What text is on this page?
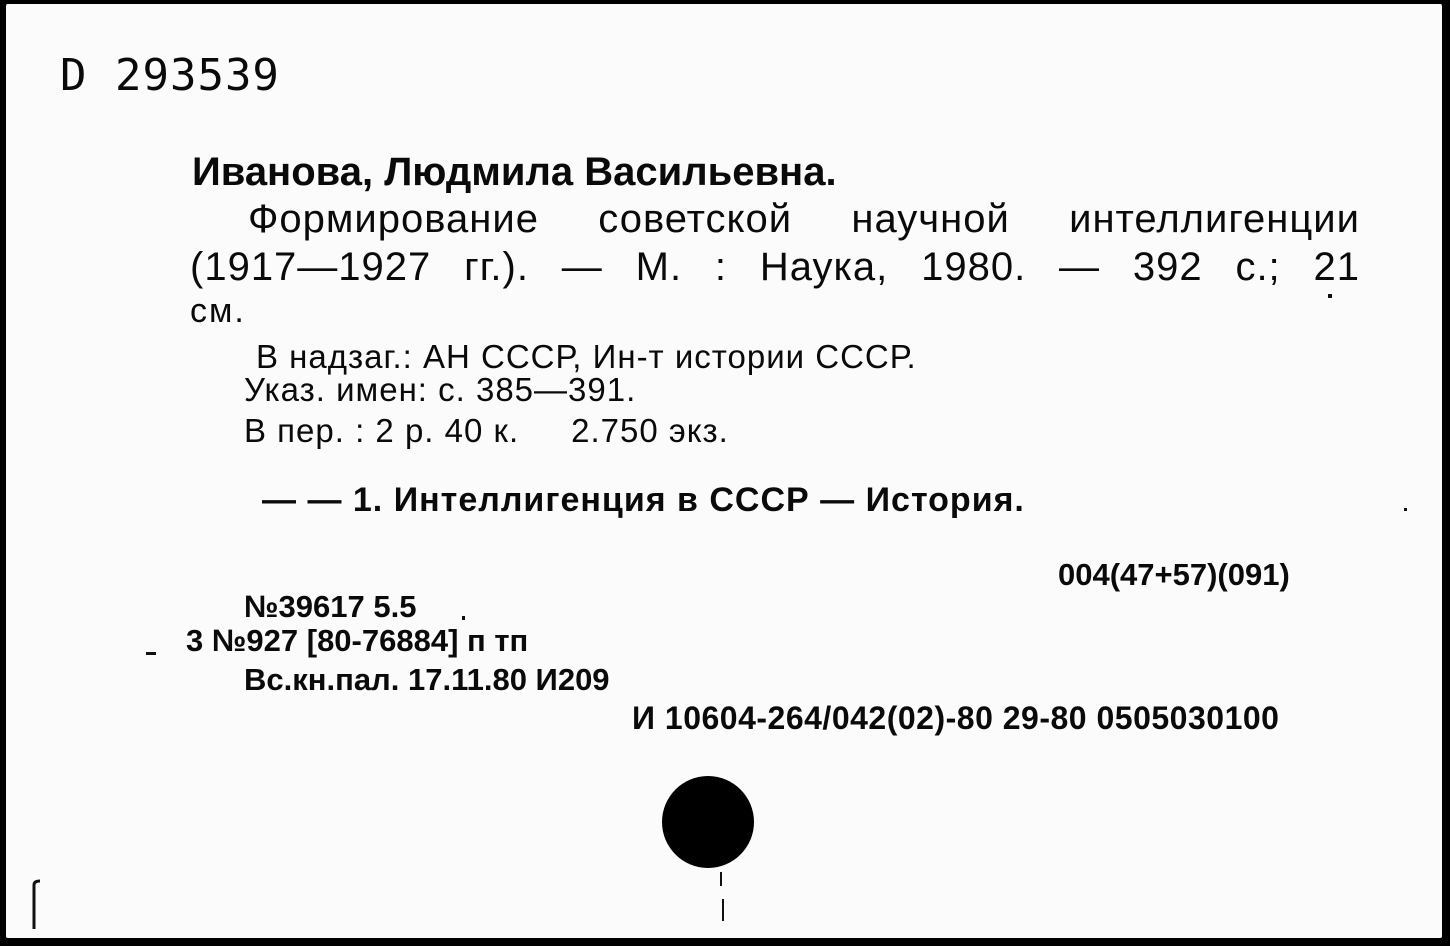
D 293539
Иванова, Людмила Васильевна.
Формирование советской научной интеллигенции
(1917—1927 гг.). — М. : Наука, 1980. — 392 с.; 21
см.
В надзаг.: АН СССР, Ин-т истории СССР.
Указ. имен: с. 385—391.
В пер. : 2 р. 40 к. 2.750 экз.
— — 1. Интеллигенция в СССР — История.
004(47+57)(091)
№39617 5.5
3 №927 [80-76884] п тп
Вс.кн.пал. 17.11.80 И209
И 10604-264/042(02)-80 29-80 0505030100
